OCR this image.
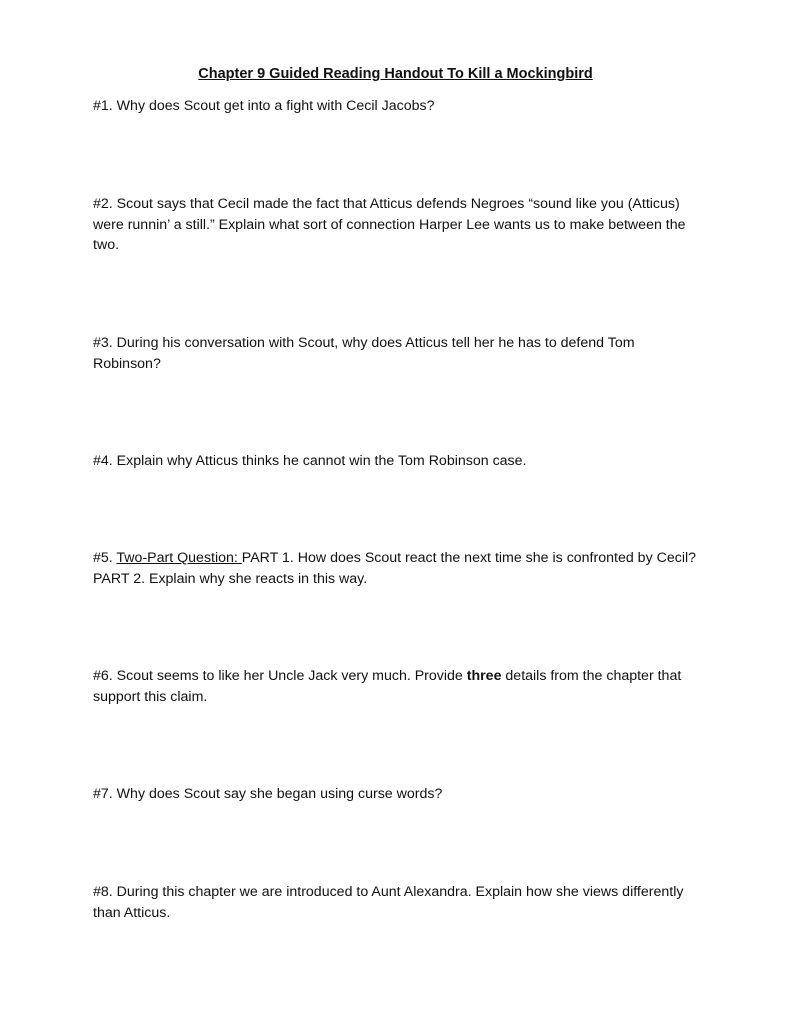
Chapter 9 Guided Reading Handout To Kill a Mockingbird
#1. Why does Scout get into a fight with Cecil Jacobs?
#2. Scout says that Cecil made the fact that Atticus defends Negroes “sound like you (Atticus) were runnin’ a still.” Explain what sort of connection Harper Lee wants us to make between the two.
#3. During his conversation with Scout, why does Atticus tell her he has to defend Tom Robinson?
#4. Explain why Atticus thinks he cannot win the Tom Robinson case.
#5. Two-Part Question: PART 1. How does Scout react the next time she is confronted by Cecil? PART 2. Explain why she reacts in this way.
#6. Scout seems to like her Uncle Jack very much. Provide three details from the chapter that support this claim.
#7. Why does Scout say she began using curse words?
#8. During this chapter we are introduced to Aunt Alexandra. Explain how she views differently than Atticus.
